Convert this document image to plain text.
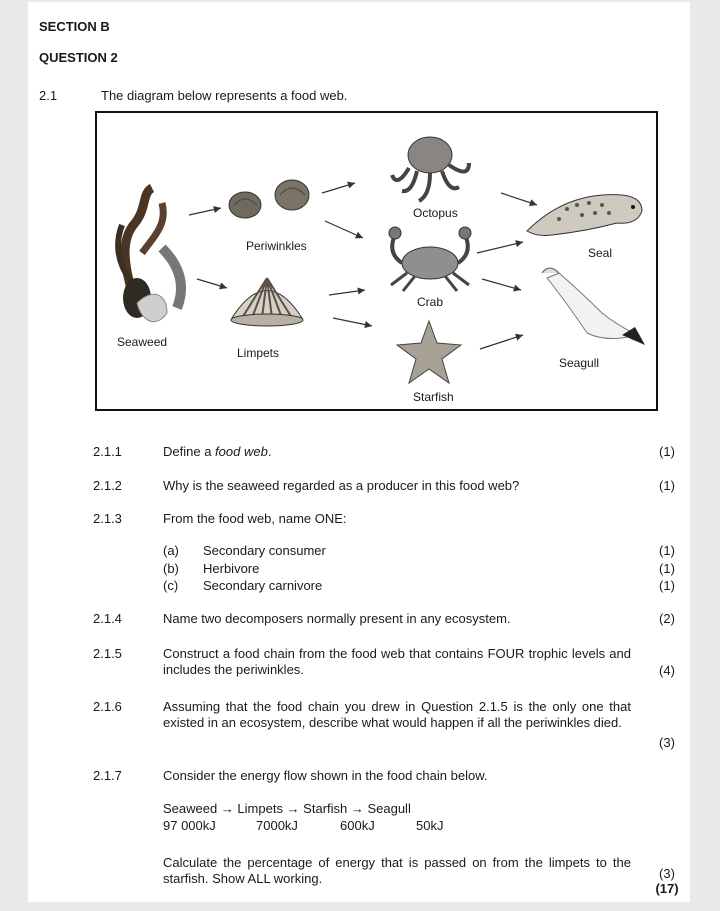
SECTION B
QUESTION 2
2.1	The diagram below represents a food web.
Octopus
Periwinkles	Seal
Crab
Seaweed
Limpets
Seagull
Starfish
2.1.1	Define a food web.	(1)
2.1.2	Why is the seaweed regarded as a producer in this food web?	(1)
2.1.3	From the food web, name ONE:
(a) Secondary consumer	(1)
(b) Herbivore	(1)
(c) Secondary carnivore	(1)
2.1.4	Name two decomposers normally present in any ecosystem.	(2)
2.1.5	Construct a food chain from the food web that contains FOUR trophic levels and includes the periwinkles.	(4)
2.1.6	Assuming that the food chain you drew in Question 2.1.5 is the only one that existed in an ecosystem, describe what would happen if all the periwinkles died.
(3)
2.1.7	Consider the energy flow shown in the food chain below.
Seaweed → Limpets → Starfish → Seagull
97 000kJ	7000kJ	600kJ	50kJ
Calculate the percentage of energy that is passed on from the limpets to the starfish. Show ALL working.	(3)
(17)
